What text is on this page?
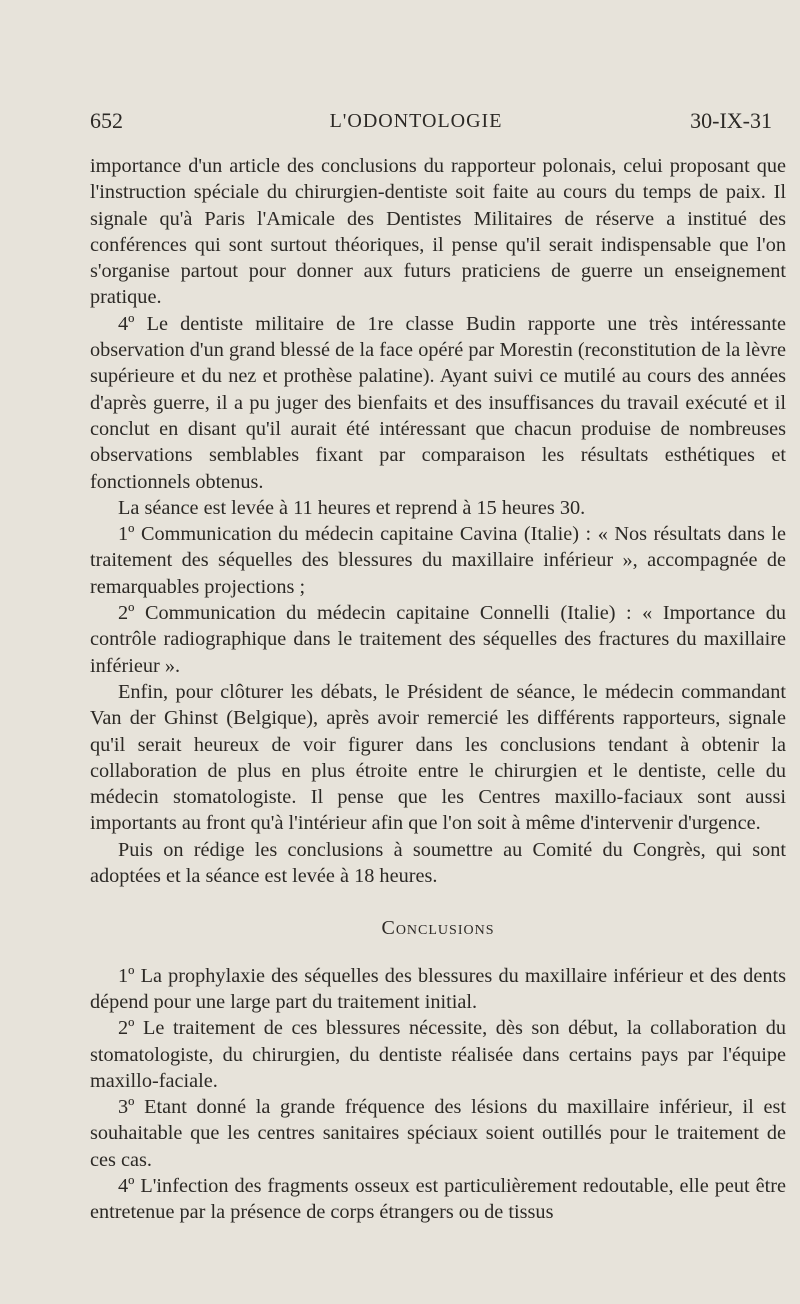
652	L'ODONTOLOGIE	30-IX-31

importance d'un article des conclusions du rapporteur polonais, celui proposant que l'instruction spéciale du chirurgien-dentiste soit faite au cours du temps de paix. Il signale qu'à Paris l'Amicale des Dentistes Militaires de réserve a institué des conférences qui sont surtout théoriques, il pense qu'il serait indispensable que l'on s'organise partout pour donner aux futurs praticiens de guerre un enseignement pratique.

4º Le dentiste militaire de 1re classe Budin rapporte une très intéressante observation d'un grand blessé de la face opéré par Morestin (reconstitution de la lèvre supérieure et du nez et prothèse palatine). Ayant suivi ce mutilé au cours des années d'après guerre, il a pu juger des bienfaits et des insuffisances du travail exécuté et il conclut en disant qu'il aurait été intéressant que chacun produise de nombreuses observations semblables fixant par comparaison les résultats esthétiques et fonctionnels obtenus.

La séance est levée à 11 heures et reprend à 15 heures 30.

1º Communication du médecin capitaine Cavina (Italie) : « Nos résultats dans le traitement des séquelles des blessures du maxillaire inférieur », accompagnée de remarquables projections ;

2º Communication du médecin capitaine Connelli (Italie) : « Importance du contrôle radiographique dans le traitement des séquelles des fractures du maxillaire inférieur ».

Enfin, pour clôturer les débats, le Président de séance, le médecin commandant Van der Ghinst (Belgique), après avoir remercié les différents rapporteurs, signale qu'il serait heureux de voir figurer dans les conclusions tendant à obtenir la collaboration de plus en plus étroite entre le chirurgien et le dentiste, celle du médecin stomatologiste. Il pense que les Centres maxillo-faciaux sont aussi importants au front qu'à l'intérieur afin que l'on soit à même d'intervenir d'urgence.

Puis on rédige les conclusions à soumettre au Comité du Congrès, qui sont adoptées et la séance est levée à 18 heures.

Conclusions

1º La prophylaxie des séquelles des blessures du maxillaire inférieur et des dents dépend pour une large part du traitement initial.

2º Le traitement de ces blessures nécessite, dès son début, la collaboration du stomatologiste, du chirurgien, du dentiste réalisée dans certains pays par l'équipe maxillo-faciale.

3º Etant donné la grande fréquence des lésions du maxillaire inférieur, il est souhaitable que les centres sanitaires spéciaux soient outillés pour le traitement de ces cas.

4º L'infection des fragments osseux est particulièrement redoutable, elle peut être entretenue par la présence de corps étrangers ou de tissus
